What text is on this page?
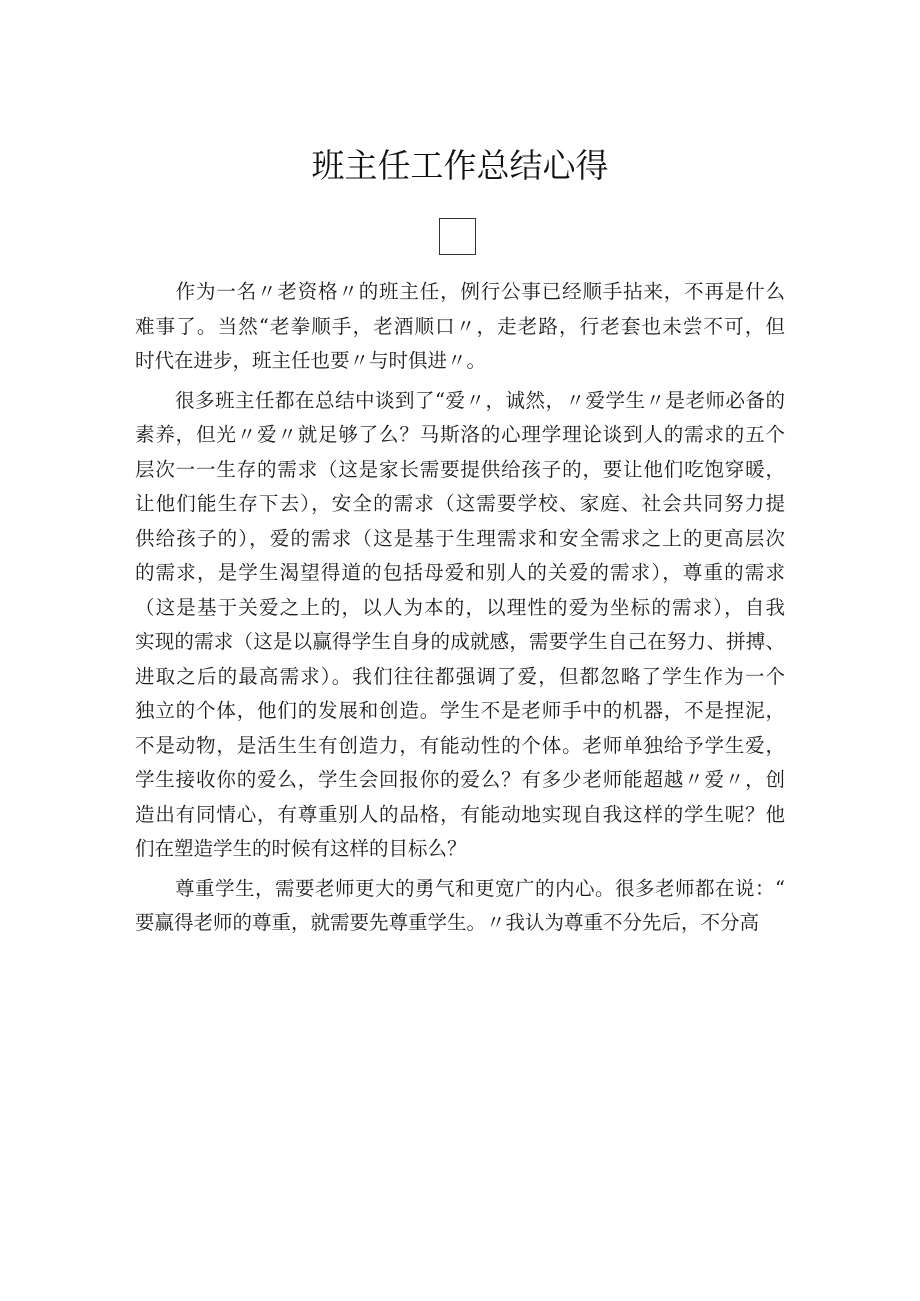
班主任工作总结心得
　　作为一名〃老资格〃的班主任，例行公事已经顺手拈来，不再是什么
难事了。当然“老拳顺手，老酒顺口〃，走老路，行老套也未尝不可，但
时代在进步，班主任也要〃与时俱进〃。
　　很多班主任都在总结中谈到了“爱〃，诚然，〃爱学生〃是老师必备的
素养，但光〃爱〃就足够了么？马斯洛的心理学理论谈到人的需求的五个
层次一一生存的需求（这是家长需要提供给孩子的，要让他们吃饱穿暖，
让他们能生存下去），安全的需求（这需要学校、家庭、社会共同努力提
供给孩子的），爱的需求（这是基于生理需求和安全需求之上的更高层次
的需求，是学生渴望得道的包括母爱和别人的关爱的需求），尊重的需求
（这是基于关爱之上的，以人为本的，以理性的爱为坐标的需求），自我
实现的需求（这是以赢得学生自身的成就感，需要学生自己在努力、拼搏、
进取之后的最高需求）。我们往往都强调了爱，但都忽略了学生作为一个
独立的个体，他们的发展和创造。学生不是老师手中的机器，不是捏泥，
不是动物，是活生生有创造力，有能动性的个体。老师单独给予学生爱，
学生接收你的爱么，学生会回报你的爱么？有多少老师能超越〃爱〃，创
造出有同情心，有尊重别人的品格，有能动地实现自我这样的学生呢？他
们在塑造学生的时候有这样的目标么？
　　尊重学生，需要老师更大的勇气和更宽广的内心。很多老师都在说：“
要赢得老师的尊重，就需要先尊重学生。〃我认为尊重不分先后，不分高
